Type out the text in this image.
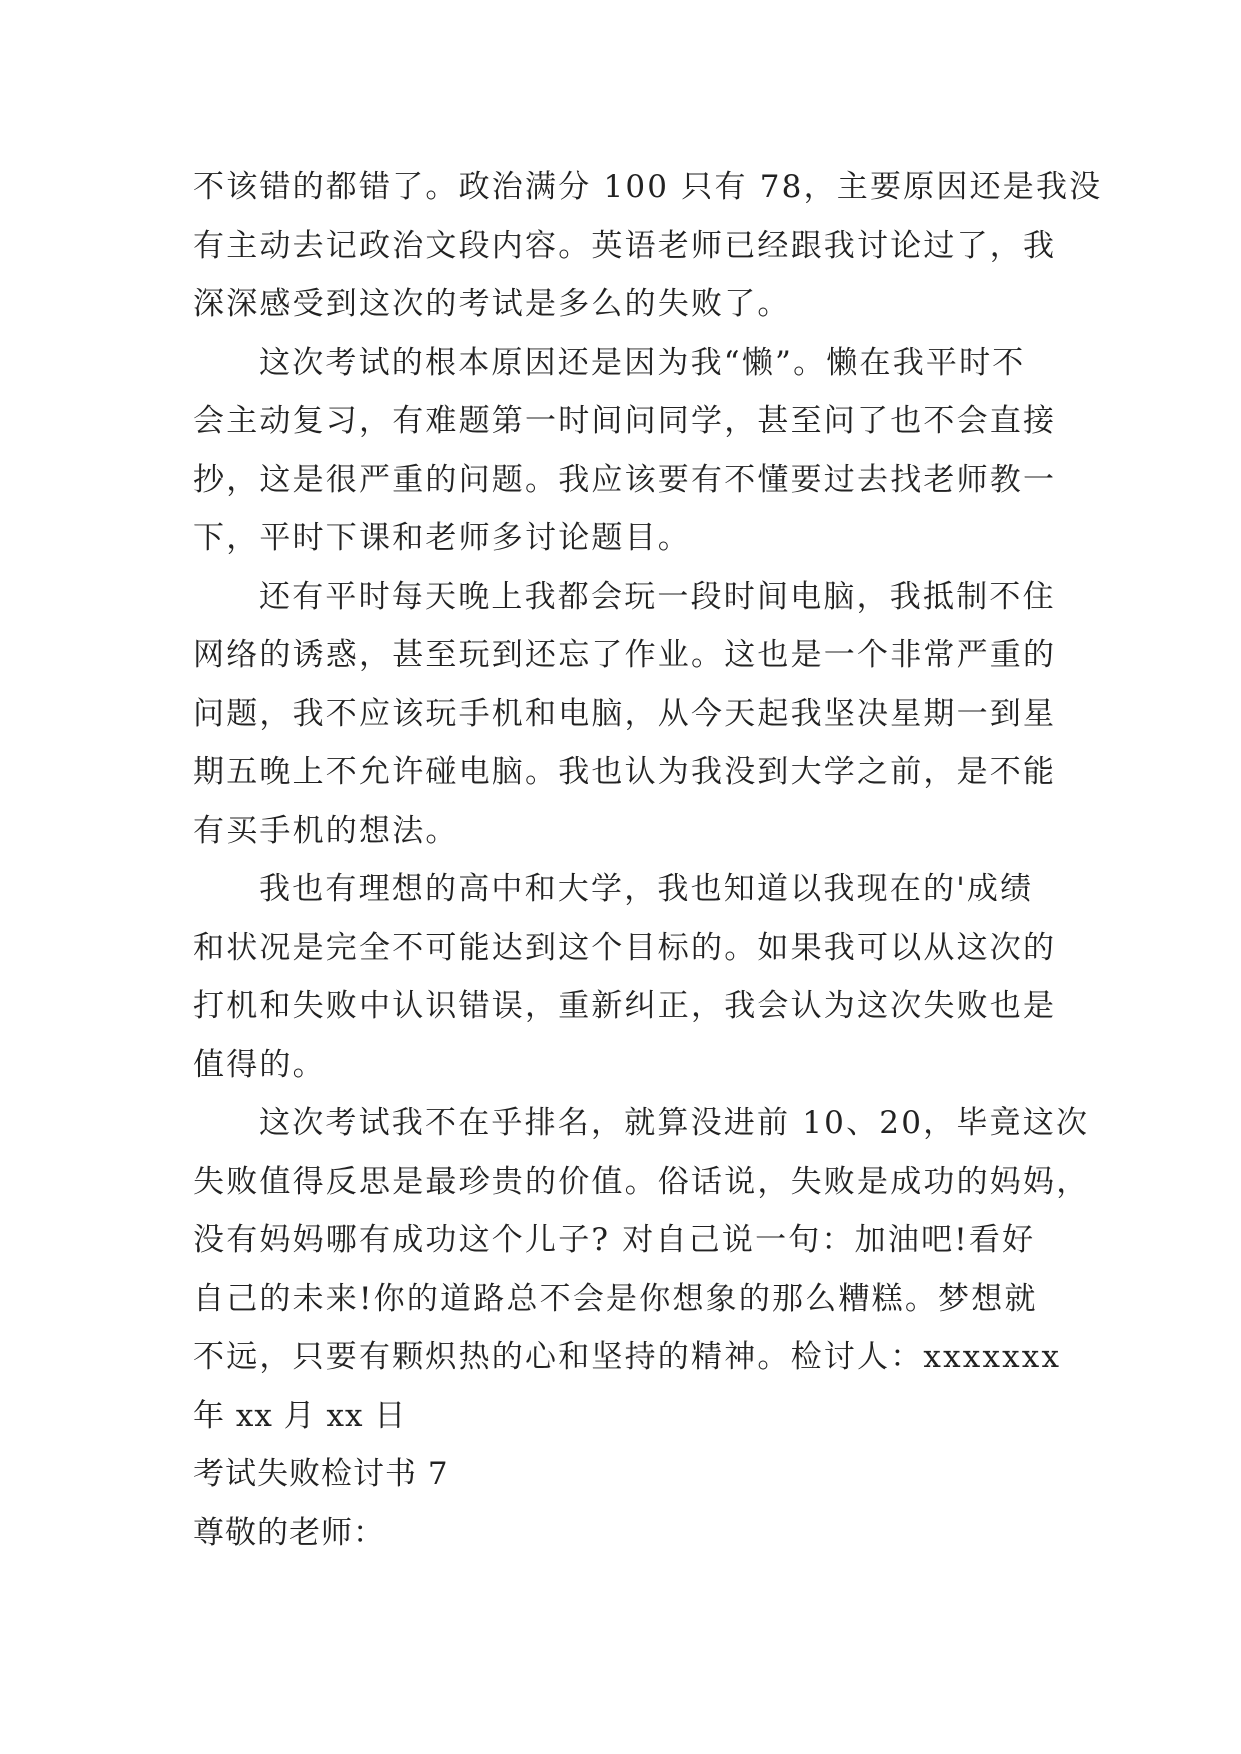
不该错的都错了。政治满分 100 只有 78，主要原因还是我没
有主动去记政治文段内容。英语老师已经跟我讨论过了，我
深深感受到这次的考试是多么的失败了。
这次考试的根本原因还是因为我“懒”。懒在我平时不
会主动复习，有难题第一时间问同学，甚至问了也不会直接
抄，这是很严重的问题。我应该要有不懂要过去找老师教一
下，平时下课和老师多讨论题目。
还有平时每天晚上我都会玩一段时间电脑，我抵制不住
网络的诱惑，甚至玩到还忘了作业。这也是一个非常严重的
问题，我不应该玩手机和电脑，从今天起我坚决星期一到星
期五晚上不允许碰电脑。我也认为我没到大学之前，是不能
有买手机的想法。
我也有理想的高中和大学，我也知道以我现在的'成绩
和状况是完全不可能达到这个目标的。如果我可以从这次的
打机和失败中认识错误，重新纠正，我会认为这次失败也是
值得的。
这次考试我不在乎排名，就算没进前 10、20，毕竟这次
失败值得反思是最珍贵的价值。俗话说，失败是成功的妈妈，
没有妈妈哪有成功这个儿子? 对自己说一句：加油吧!看好
自己的未来!你的道路总不会是你想象的那么糟糕。梦想就
不远，只要有颗炽热的心和坚持的精神。检讨人：xxxxxxx
年 xx 月 xx 日
考试失败检讨书 7
尊敬的老师：
